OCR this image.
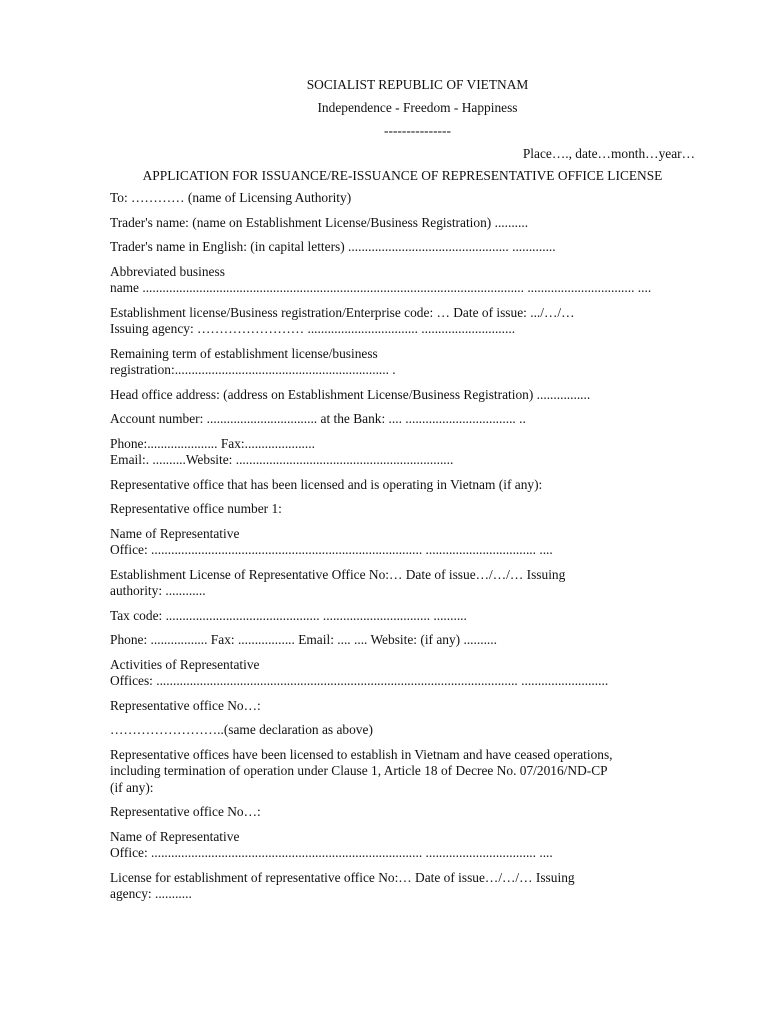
SOCIALIST REPUBLIC OF VIETNAM
Independence - Freedom - Happiness
---------------
Place…., date…month…year…
APPLICATION FOR ISSUANCE/RE-ISSUANCE OF REPRESENTATIVE OFFICE LICENSE
To: ………… (name of Licensing Authority)
Trader's name: (name on Establishment License/Business Registration) ..........
Trader's name in English: (in capital letters) ................................................ .............
Abbreviated business
name .................................................................................................................. ................................ ....
Establishment license/Business registration/Enterprise code: … Date of issue: .../…/…
Issuing agency: …………………… ................................. ............................
Remaining term of establishment license/business
registration:................................................................ .
Head office address: (address on Establishment License/Business Registration) ................
Account number: ................................. at the Bank: .... ................................. ..
Phone:..................... Fax:.....................
Email:. ..........Website: .................................................................
Representative office that has been licensed and is operating in Vietnam (if any):
Representative office number 1:
Name of Representative
Office: ................................................................................. ................................. ....
Establishment License of Representative Office No:… Date of issue…/…/… Issuing
authority: ............
Tax code: .............................................. ................................ ..........
Phone: ................. Fax: ................. Email: .... .... Website: (if any) ..........
Activities of Representative
Offices: ............................................................................................................ ..........................
Representative office No…:
……………………..(same declaration as above)
Representative offices have been licensed to establish in Vietnam and have ceased operations,
including termination of operation under Clause 1, Article 18 of Decree No. 07/2016/ND-CP
(if any):
Representative office No…:
Name of Representative
Office: ................................................................................. ................................. ....
License for establishment of representative office No:… Date of issue…/…/… Issuing
agency: ...........
